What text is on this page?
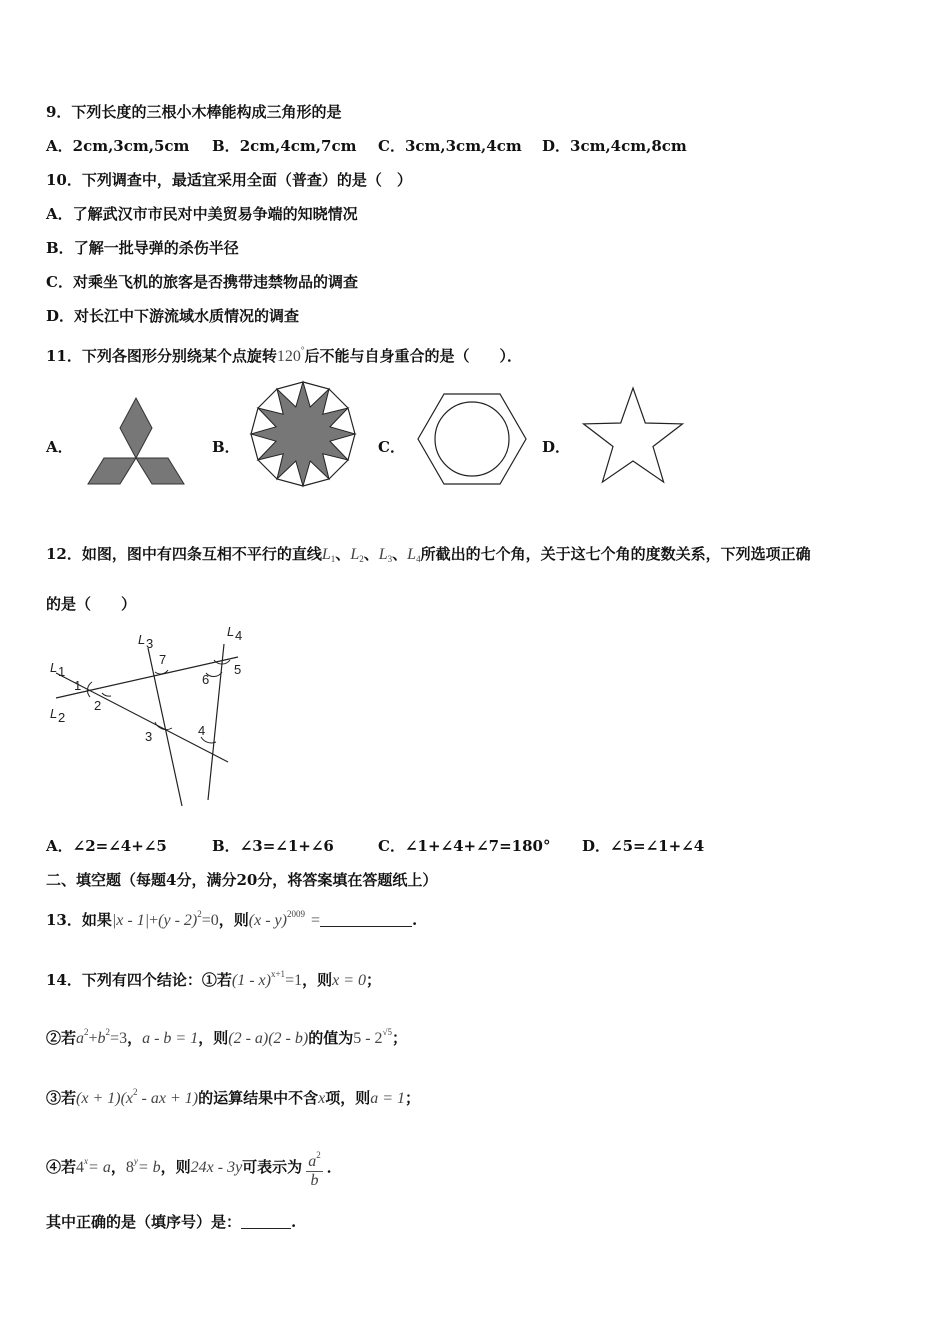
9．下列长度的三根小木棒能构成三角形的是
A．2cm,3cm,5cm B．2cm,4cm,7cm C．3cm,3cm,4cm D．3cm,4cm,8cm
10．下列调查中，最适宜采用全面（普查）的是（　）
A．了解武汉市市民对中美贸易争端的知晓情况
B．了解一批导弹的杀伤半径
C．对乘坐飞机的旅客是否携带违禁物品的调查
D．对长江中下游流域水质情况的调查
11．下列各图形分别绕某个点旋转120°后不能与自身重合的是（　　）．
A．	B．	C．	D．
12．如图，图中有四条互相不平行的直线$L_1$、$L_2$、$L_3$、$L_4$所截出的七个角，关于这七个角的度数关系，下列选项正确
的是（　　）
L 1
L 2
L 3
L 4
1
2
3	4
5
6
7
A．∠2=∠4+∠5	B．∠3=∠1+∠6	C．∠1+∠4+∠7=180° D．∠5=∠1+∠4
二、填空题（每题4分，满分20分，将答案填在答题纸上）
13．如果|x - 1|+(y - 2)$^2$=0，则(x - y)$^{2009}$ =	.
14．下列有四个结论：①若(1 - x)$^{x+1}$=1，则x = 0；
②若$a^2+b^2=3$，a - b = 1，则(2 - a)(2 - b)的值为$5 - 2^{√5}$；
③若$(x + 1)(x^2$ - ax + 1)的运算结果中不含x项，则a = 1；
④若$4^x= a$，$8^y= b$，则24x - 3y可表示为 $\frac{a^2}{b}$ ．
其中正确的是（填序号）是：	.
